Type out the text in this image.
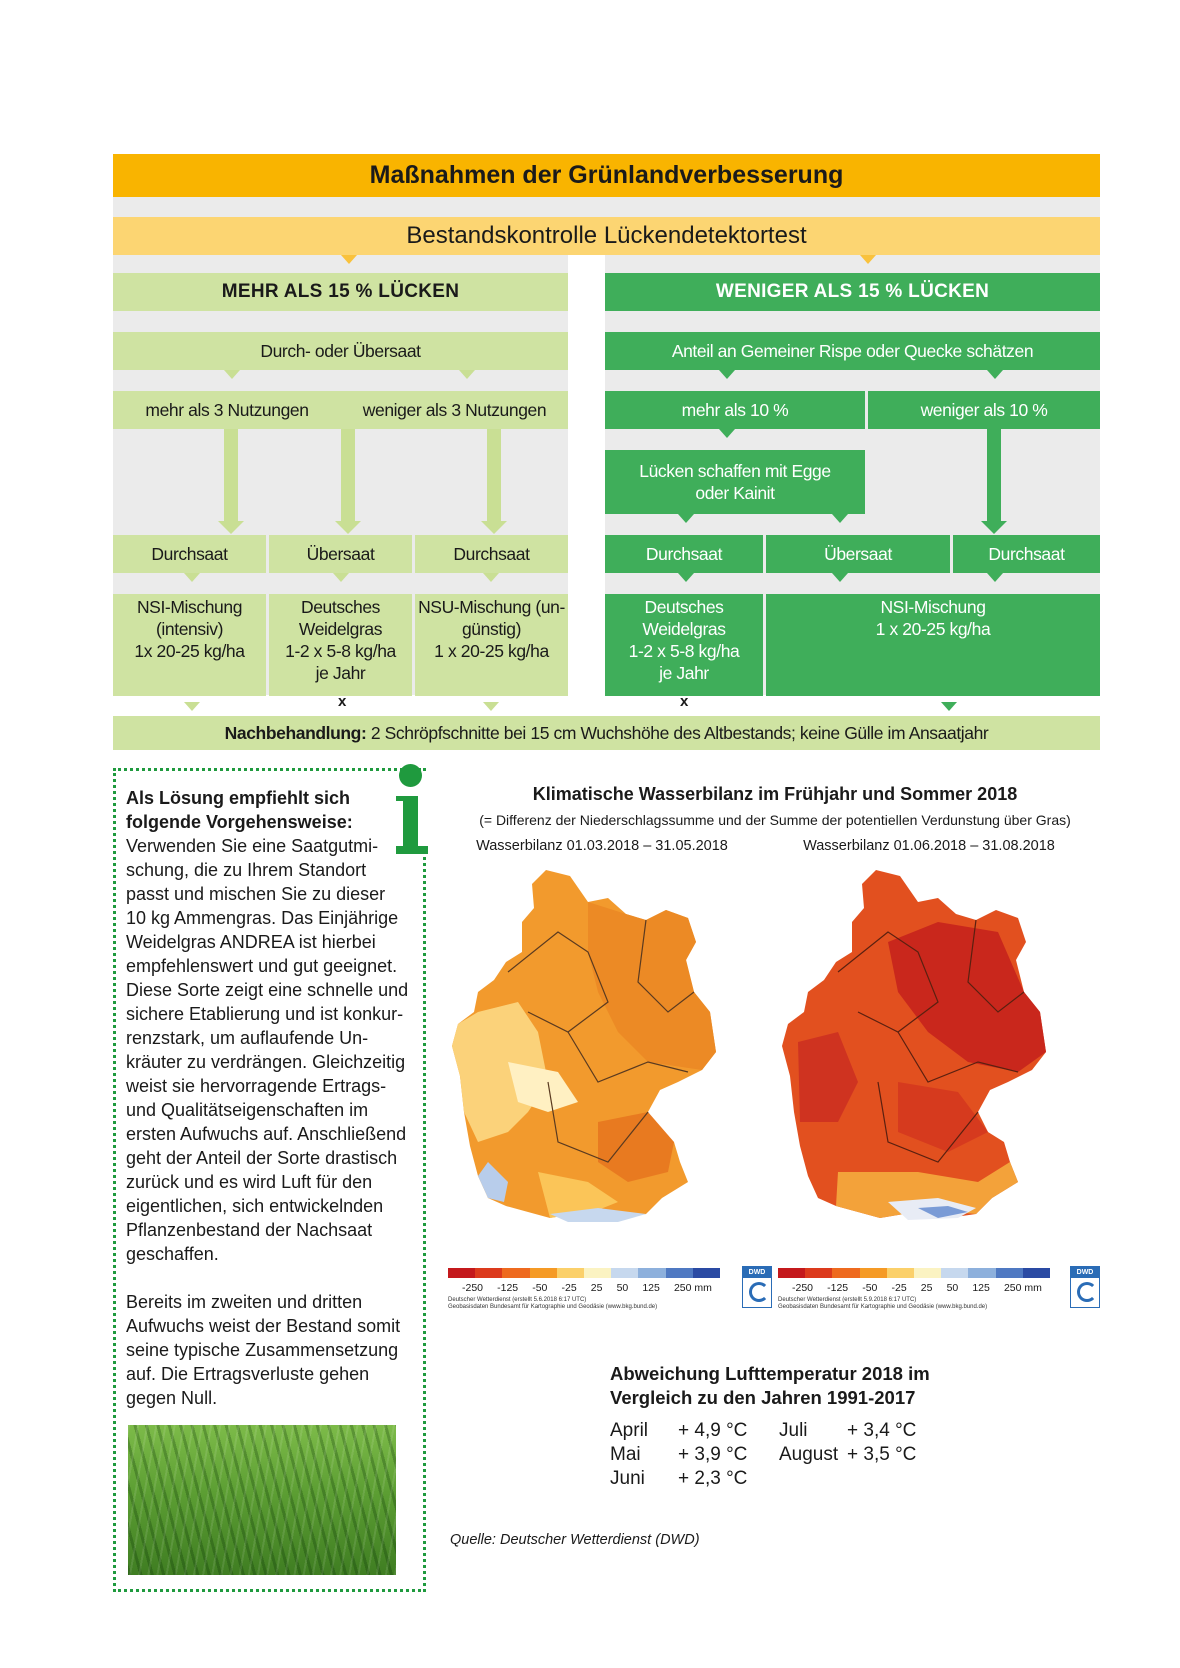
Maßnahmen der Grünlandverbesserung
Bestandskontrolle Lückendetektortest
MEHR ALS 15 % LÜCKEN
Durch- oder Übersaat
mehr als 3 Nutzungen	weniger als 3 Nutzungen
Durchsaat	Übersaat	Durchsaat
NSI-Mischung
(intensiv)
1x 20-25 kg/ha
Deutsches
Weidelgras
1-2 x 5-8 kg/ha
je Jahr
NSU-Mischung (un-
günstig)
1 x 20-25 kg/ha
x
WENIGER ALS 15 % LÜCKEN
Anteil an Gemeiner Rispe oder Quecke schätzen
mehr als 10 %	weniger als 10 %
Lücken schaffen mit Egge
oder Kainit
Durchsaat	Übersaat	Durchsaat
Deutsches
Weidelgras
1-2 x 5-8 kg/ha
je Jahr
NSI-Mischung
1 x 20-25 kg/ha
x
Nachbehandlung: 2 Schröpfschnitte bei 15 cm Wuchshöhe des Altbestands; keine Gülle im Ansaatjahr
Als Lösung empfiehlt sich
folgende Vorgehensweise:
Verwenden Sie eine Saatgutmi-
schung, die zu Ihrem Standort
passt und mischen Sie zu dieser
10 kg Ammengras. Das Einjährige
Weidelgras ANDREA ist hierbei
empfehlenswert und gut geeignet.
Diese Sorte zeigt eine schnelle und
sichere Etablierung und ist konkur-
renzstark, um auflaufende Un-
kräuter zu verdrängen. Gleichzeitig
weist sie hervorragende Ertrags-
und Qualitätseigenschaften im
ersten Aufwuchs auf. Anschließend
geht der Anteil der Sorte drastisch
zurück und es wird Luft für den
eigentlichen, sich entwickelnden
Pflanzenbestand der Nachsaat
geschaffen.
Bereits im zweiten und dritten
Aufwuchs weist der Bestand somit
seine typische Zusammensetzung
auf. Die Ertragsverluste gehen
gegen Null.
Klimatische Wasserbilanz im Frühjahr und Sommer 2018
(= Differenz der Niederschlagssumme und der Summe der potentiellen Verdunstung über Gras)
Wasserbilanz 01.03.2018 – 31.05.2018	Wasserbilanz 01.06.2018 – 31.08.2018
-250 -125 -50 -25 25 50 125 250 mm
Deutscher Wetterdienst (erstellt 5.6.2018 6:17 UTC)
Geobasisdaten Bundesamt für Kartographie und Geodäsie (www.bkg.bund.de)
DWD
-250 -125 -50 -25 25 50 125 250 mm
Deutscher Wetterdienst (erstellt 5.9.2018 6:17 UTC)
Geobasisdaten Bundesamt für Kartographie und Geodäsie (www.bkg.bund.de)
DWD
Abweichung Lufttemperatur 2018 im
Vergleich zu den Jahren 1991-2017
April + 4,9 °C
Mai + 3,9 °C
Juni + 2,3 °C
Juli + 3,4 °C
August + 3,5 °C
Quelle: Deutscher Wetterdienst (DWD)
